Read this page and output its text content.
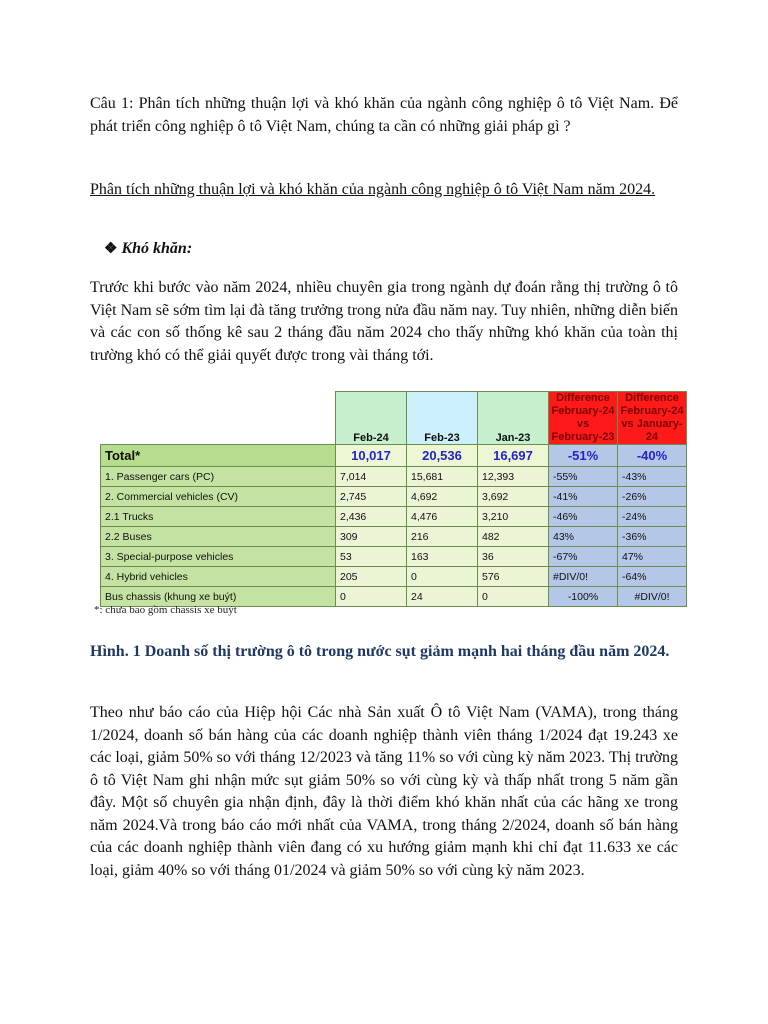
Câu 1: Phân tích những thuận lợi và khó khăn của ngành công nghiệp ô tô Việt Nam. Để phát triển công nghiệp ô tô Việt Nam, chúng ta cần có những giải pháp gì ?

Phân tích những thuận lợi và khó khăn của ngành công nghiệp ô tô Việt Nam năm 2024.

❖ Khó khăn:

Trước khi bước vào năm 2024, nhiều chuyên gia trong ngành dự đoán rằng thị trường ô tô Việt Nam sẽ sớm tìm lại đà tăng trưởng trong nửa đầu năm nay. Tuy nhiên, những diễn biến và các con số thống kê sau 2 tháng đầu năm 2024 cho thấy những khó khăn của toàn thị trường khó có thể giải quyết được trong vài tháng tới.

	Feb-24	Feb-23	Jan-23	Difference February-24 vs February-23	Difference February-24 vs January-24
Total*	10,017	20,536	16,697	-51%	-40%
1. Passenger cars (PC)	7,014	15,681	12,393	-55%	-43%
2. Commercial vehicles (CV)	2,745	4,692	3,692	-41%	-26%
2.1 Trucks	2,436	4,476	3,210	-46%	-24%
2.2 Buses	309	216	482	43%	-36%
3. Special-purpose vehicles	53	163	36	-67%	47%
4. Hybrid vehicles	205	0	576	#DIV/0!	-64%
Bus chassis (khung xe buýt)	0	24	0	-100%	#DIV/0!
*: chưa bao gồm chassis xe buýt

Hình. 1 Doanh số thị trường ô tô trong nước sụt giảm mạnh hai tháng đầu năm 2024.

Theo như báo cáo của Hiệp hội Các nhà Sản xuất Ô tô Việt Nam (VAMA), trong tháng 1/2024, doanh số bán hàng của các doanh nghiệp thành viên tháng 1/2024 đạt 19.243 xe các loại, giảm 50% so với tháng 12/2023 và tăng 11% so với cùng kỳ năm 2023. Thị trường ô tô Việt Nam ghi nhận mức sụt giảm 50% so với cùng kỳ và thấp nhất trong 5 năm gần đây. Một số chuyên gia nhận định, đây là thời điểm khó khăn nhất của các hãng xe trong năm 2024.Và trong báo cáo mới nhất của VAMA, trong tháng 2/2024, doanh số bán hàng của các doanh nghiệp thành viên đang có xu hướng giảm mạnh khi chỉ đạt 11.633 xe các loại, giảm 40% so với tháng 01/2024 và giảm 50% so với cùng kỳ năm 2023.
